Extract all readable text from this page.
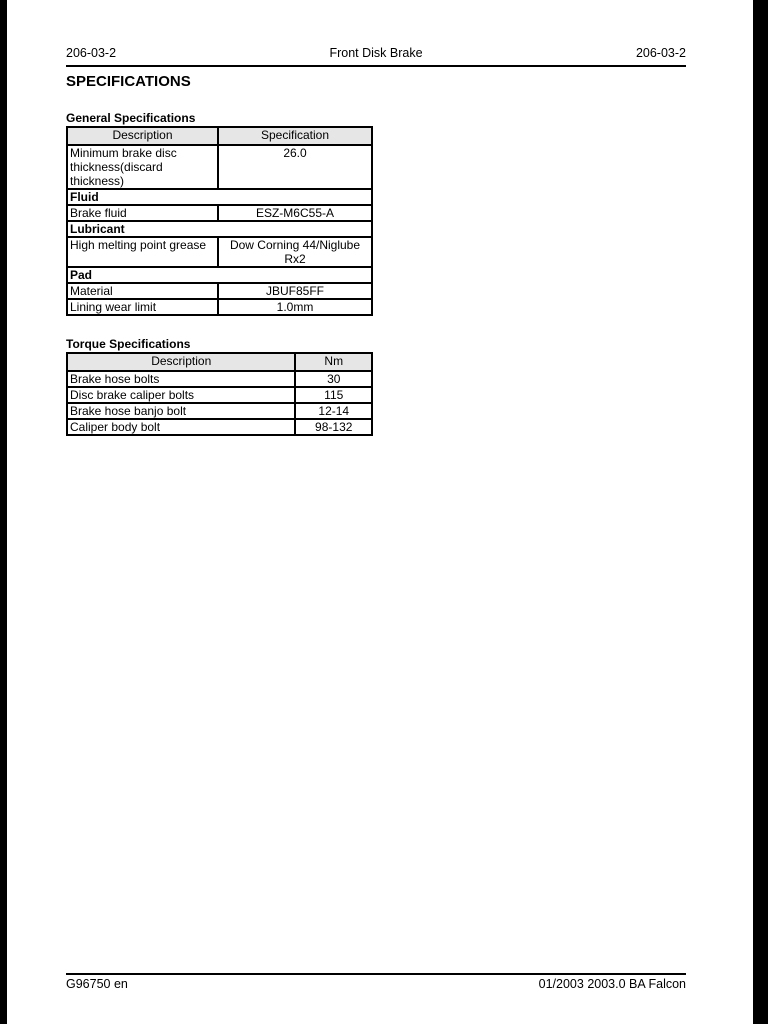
206-03-2	Front Disk Brake	206-03-2
SPECIFICATIONS
General Specifications
Description	Specification
Minimum brake disc thickness(discard thickness)	26.0
Fluid	
Brake fluid	ESZ-M6C55-A
Lubricant	
High melting point grease	Dow Corning 44/Niglube Rx2
Pad	
Material	JBUF85FF
Lining wear limit	1.0mm
Torque Specifications
Description	Nm
Brake hose bolts	30
Disc brake caliper bolts	115
Brake hose banjo bolt	12-14
Caliper body bolt	98-132
G96750 en	01/2003 2003.0 BA Falcon
